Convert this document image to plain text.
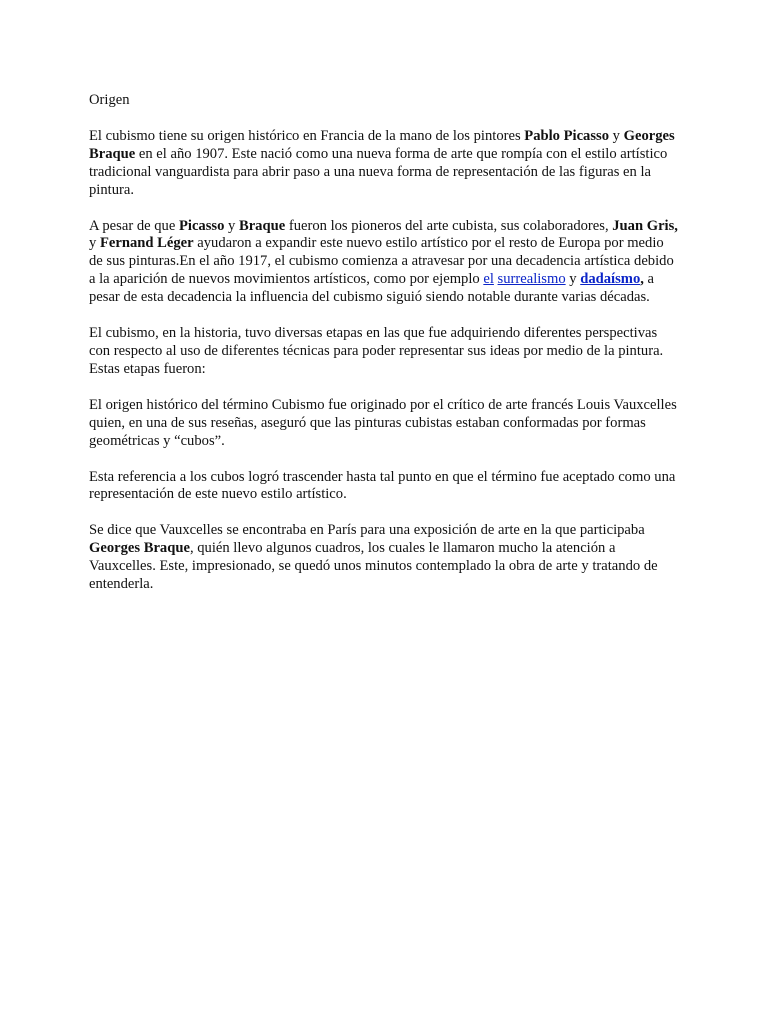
Origen

El cubismo tiene su origen histórico en Francia de la mano de los pintores Pablo Picasso y Georges Braque en el año 1907. Este nació como una nueva forma de arte que rompía con el estilo artístico tradicional vanguardista para abrir paso a una nueva forma de representación de las figuras en la pintura.

A pesar de que Picasso y Braque fueron los pioneros del arte cubista, sus colaboradores, Juan Gris, y Fernand Léger ayudaron a expandir este nuevo estilo artístico por el resto de Europa por medio de sus pinturas.En el año 1917, el cubismo comienza a atravesar por una decadencia artística debido a la aparición de nuevos movimientos artísticos, como por ejemplo el surrealismo y dadaísmo, a pesar de esta decadencia la influencia del cubismo siguió siendo notable durante varias décadas.

El cubismo, en la historia, tuvo diversas etapas en las que fue adquiriendo diferentes perspectivas con respecto al uso de diferentes técnicas para poder representar sus ideas por medio de la pintura. Estas etapas fueron:

El origen histórico del término Cubismo fue originado por el crítico de arte francés Louis Vauxcelles quien, en una de sus reseñas, aseguró que las pinturas cubistas estaban conformadas por formas geométricas y “cubos”.

Esta referencia a los cubos logró trascender hasta tal punto en que el término fue aceptado como una representación de este nuevo estilo artístico.

Se dice que Vauxcelles se encontraba en París para una exposición de arte en la que participaba Georges Braque, quién llevo algunos cuadros, los cuales le llamaron mucho la atención a Vauxcelles. Este, impresionado, se quedó unos minutos contemplado la obra de arte y tratando de entenderla.
